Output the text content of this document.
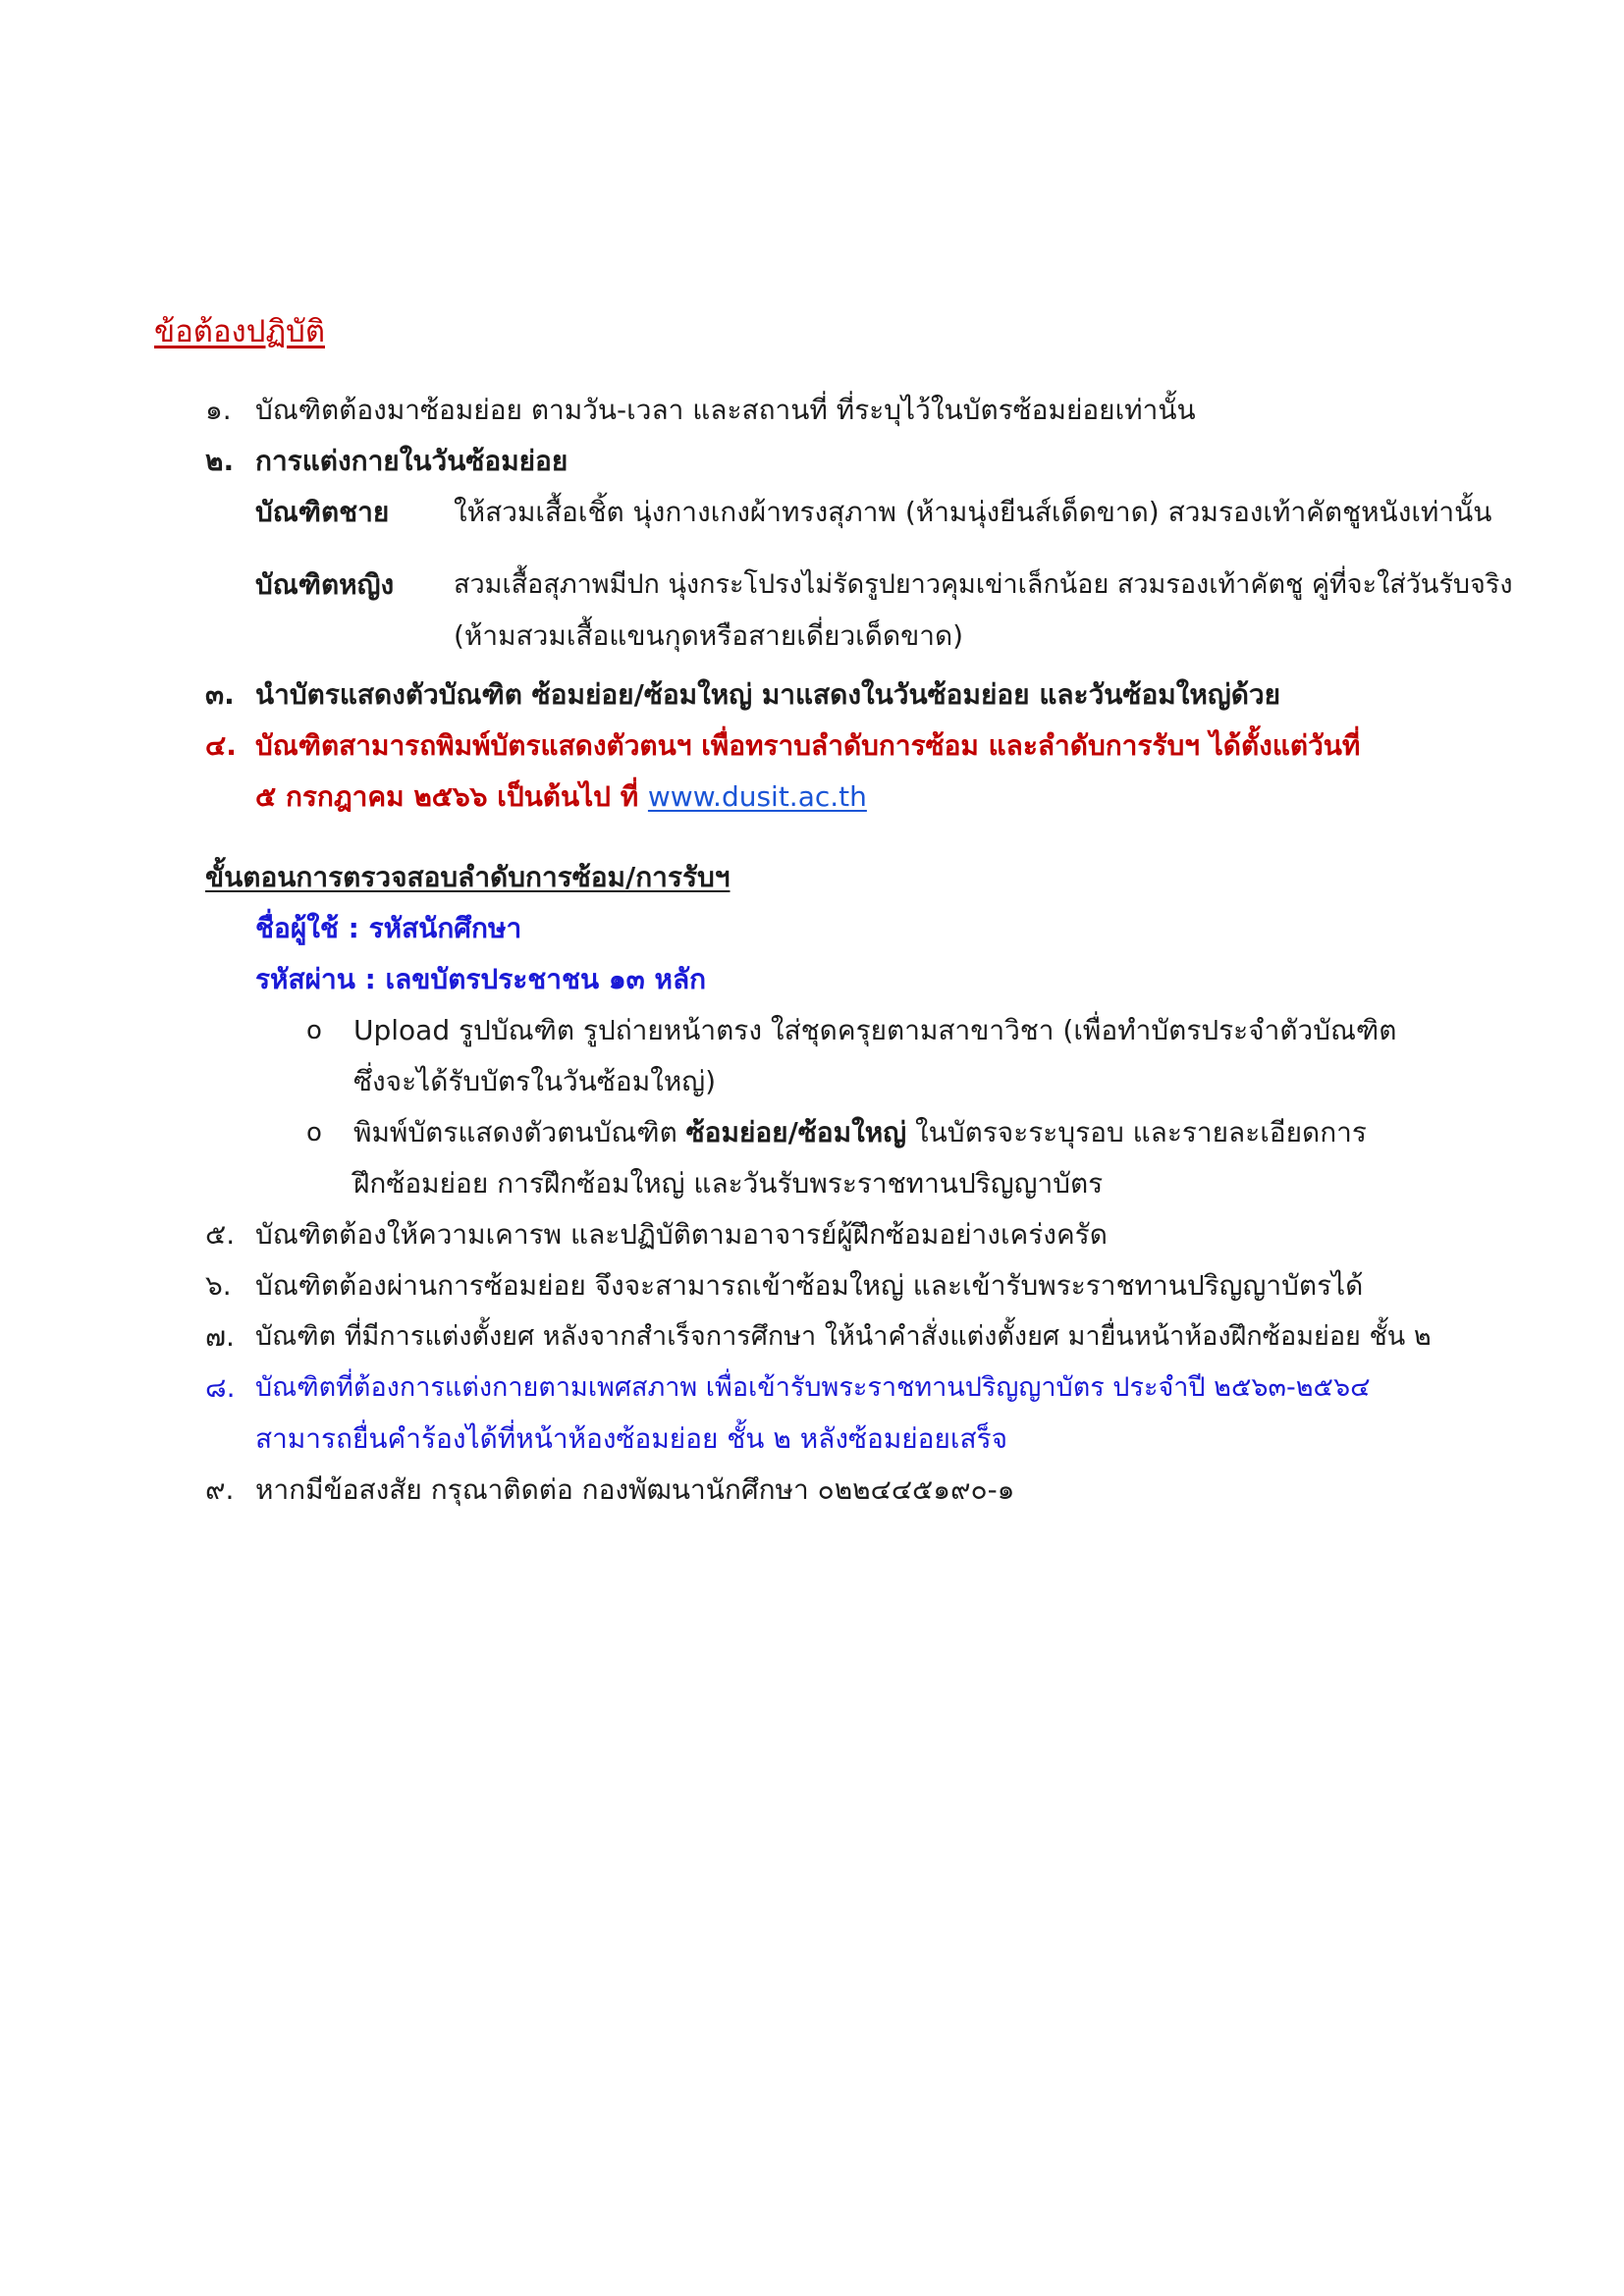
ข้อต้องปฏิบัติ
๑. บัณฑิตต้องมาซ้อมย่อย ตามวัน-เวลา และสถานที่ ที่ระบุไว้ในบัตรซ้อมย่อยเท่านั้น
๒. การแต่งกายในวันซ้อมย่อย
บัณฑิตชาย ให้สวมเสื้อเชิ้ต นุ่งกางเกงผ้าทรงสุภาพ (ห้ามนุ่งยีนส์เด็ดขาด) สวมรองเท้าคัตชูหนังเท่านั้น
บัณฑิตหญิง สวมเสื้อสุภาพมีปก นุ่งกระโปรงไม่รัดรูปยาวคุมเข่าเล็กน้อย สวมรองเท้าคัตชู คู่ที่จะใส่วันรับจริง
(ห้ามสวมเสื้อแขนกุดหรือสายเดี่ยวเด็ดขาด)
๓. นำบัตรแสดงตัวบัณฑิต ซ้อมย่อย/ซ้อมใหญ่ มาแสดงในวันซ้อมย่อย และวันซ้อมใหญ่ด้วย
๔. บัณฑิตสามารถพิมพ์บัตรแสดงตัวตนฯ เพื่อทราบลำดับการซ้อม และลำดับการรับฯ ได้ตั้งแต่วันที่
๕ กรกฎาคม ๒๕๖๖ เป็นต้นไป ที่ www.dusit.ac.th
ขั้นตอนการตรวจสอบลำดับการซ้อม/การรับฯ
ชื่อผู้ใช้ : รหัสนักศึกษา
รหัสผ่าน : เลขบัตรประชาชน ๑๓ หลัก
o Upload รูปบัณฑิต รูปถ่ายหน้าตรง ใส่ชุดครุยตามสาขาวิชา (เพื่อทำบัตรประจำตัวบัณฑิต
ซึ่งจะได้รับบัตรในวันซ้อมใหญ่)
o พิมพ์บัตรแสดงตัวตนบัณฑิต ซ้อมย่อย/ซ้อมใหญ่ ในบัตรจะระบุรอบ และรายละเอียดการ
ฝึกซ้อมย่อย การฝึกซ้อมใหญ่ และวันรับพระราชทานปริญญาบัตร
๕. บัณฑิตต้องให้ความเคารพ และปฏิบัติตามอาจารย์ผู้ฝึกซ้อมอย่างเคร่งครัด
๖. บัณฑิตต้องผ่านการซ้อมย่อย จึงจะสามารถเข้าซ้อมใหญ่ และเข้ารับพระราชทานปริญญาบัตรได้
๗. บัณฑิต ที่มีการแต่งตั้งยศ หลังจากสำเร็จการศึกษา ให้นำคำสั่งแต่งตั้งยศ มายื่นหน้าห้องฝึกซ้อมย่อย ชั้น ๒
๘. บัณฑิตที่ต้องการแต่งกายตามเพศสภาพ เพื่อเข้ารับพระราชทานปริญญาบัตร ประจำปี ๒๕๖๓-๒๕๖๔
สามารถยื่นคำร้องได้ที่หน้าห้องซ้อมย่อย ชั้น ๒ หลังซ้อมย่อยเสร็จ
๙. หากมีข้อสงสัย กรุณาติดต่อ กองพัฒนานักศึกษา ๐๒๒๔๔๕๑๙๐-๑
